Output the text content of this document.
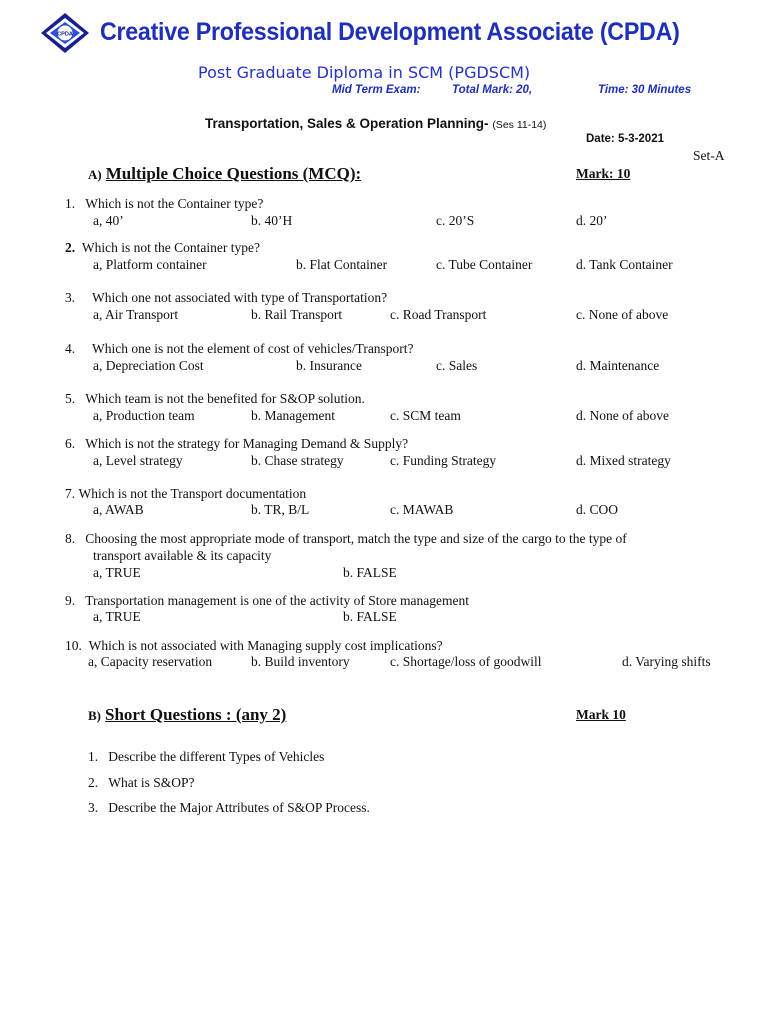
CPDA Creative Professional Development Associate (CPDA)
Post Graduate Diploma in SCM (PGDSCM)
Mid Term Exam:	Total Mark: 20,	Time: 30 Minutes
Transportation, Sales & Operation Planning- (Ses 11-14)
Date: 5-3-2021
Set-A
A) Multiple Choice Questions (MCQ):	Mark: 10
1. Which is not the Container type?
a, 40’	b. 40’H	c. 20’S	d. 20’
2. Which is not the Container type?
a, Platform container	b. Flat Container	c. Tube Container	d. Tank Container
3. Which one not associated with type of Transportation?
a, Air Transport	b. Rail Transport	c. Road Transport	c. None of above
4. Which one is not the element of cost of vehicles/Transport?
a, Depreciation Cost	b. Insurance	c. Sales	d. Maintenance
5. Which team is not the benefited for S&OP solution.
a, Production team	b. Management	c. SCM team	d. None of above
6. Which is not the strategy for Managing Demand & Supply?
a, Level strategy	b. Chase strategy	c. Funding Strategy	d. Mixed strategy
7. Which is not the Transport documentation
a, AWAB	b. TR, B/L	c. MAWAB	d. COO
8. Choosing the most appropriate mode of transport, match the type and size of the cargo to the type of
transport available & its capacity
a, TRUE	b. FALSE
9. Transportation management is one of the activity of Store management
a, TRUE	b. FALSE
10. Which is not associated with Managing supply cost implications?
a, Capacity reservation	b. Build inventory	c. Shortage/loss of goodwill	d. Varying shifts
B) Short Questions : (any 2)	Mark 10
1. Describe the different Types of Vehicles
2. What is S&OP?
3. Describe the Major Attributes of S&OP Process.
